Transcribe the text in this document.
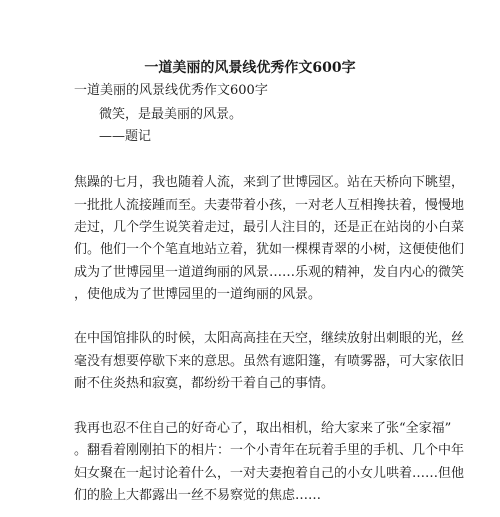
一道美丽的风景线优秀作文600字
一道美丽的风景线优秀作文600字
微笑，是最美丽的风景。
——题记
焦躁的七月，我也随着人流，来到了世博园区。站在天桥向下眺望，
一批批人流接踵而至。夫妻带着小孩，一对老人互相搀扶着，慢慢地
走过，几个学生说笑着走过，最引人注目的，还是正在站岗的小白菜
们。他们一个个笔直地站立着，犹如一棵棵青翠的小树，这便使他们
成为了世博园里一道道绚丽的风景……乐观的精神，发自内心的微笑
，使他成为了世博园里的一道绚丽的风景。
在中国馆排队的时候，太阳高高挂在天空，继续放射出刺眼的光，丝
毫没有想要停歇下来的意思。虽然有遮阳篷，有喷雾器，可大家依旧
耐不住炎热和寂寞，都纷纷干着自己的事情。
我再也忍不住自己的好奇心了，取出相机，给大家来了张“全家福”
。翻看着刚刚拍下的相片：一个小青年在玩着手里的手机、几个中年
妇女聚在一起讨论着什么，一对夫妻抱着自己的小女儿哄着……但他
们的脸上大都露出一丝不易察觉的焦虑……
